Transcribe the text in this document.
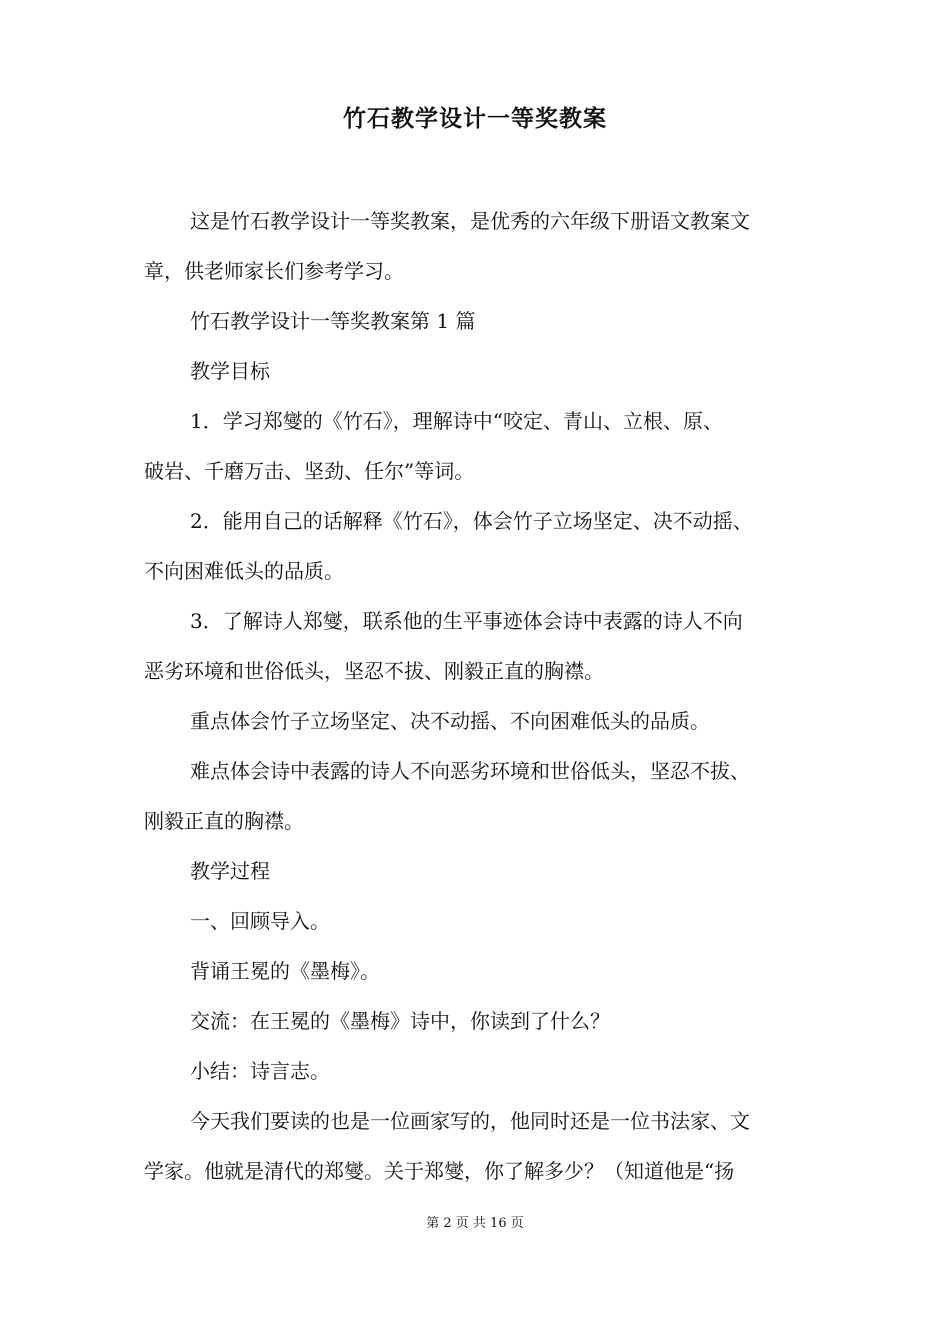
竹石教学设计一等奖教案
这是竹石教学设计一等奖教案，是优秀的六年级下册语文教案文
章，供老师家长们参考学习。
竹石教学设计一等奖教案第 1 篇
教学目标
1．学习郑燮的《竹石》，理解诗中“咬定、青山、立根、原、
破岩、千磨万击、坚劲、任尔”等词。
2．能用自己的话解释《竹石》，体会竹子立场坚定、决不动摇、
不向困难低头的品质。
3．了解诗人郑燮，联系他的生平事迹体会诗中表露的诗人不向
恶劣环境和世俗低头，坚忍不拔、刚毅正直的胸襟。
重点体会竹子立场坚定、决不动摇、不向困难低头的品质。
难点体会诗中表露的诗人不向恶劣环境和世俗低头，坚忍不拔、
刚毅正直的胸襟。
教学过程
一、回顾导入。
背诵王冕的《墨梅》。
交流：在王冕的《墨梅》诗中，你读到了什么？
小结：诗言志。
今天我们要读的也是一位画家写的，他同时还是一位书法家、文
学家。他就是清代的郑燮。关于郑燮，你了解多少？（知道他是“扬
第 2 页 共 16 页
